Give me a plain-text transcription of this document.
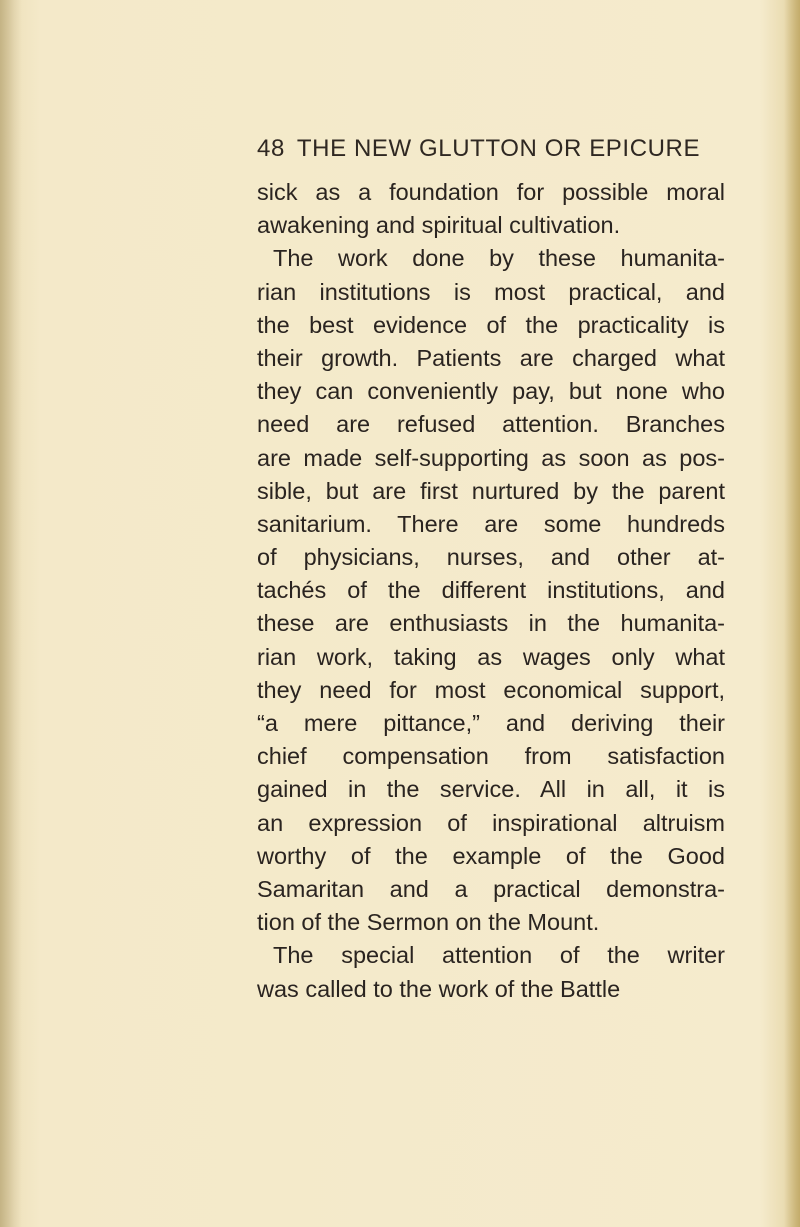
48 THE NEW GLUTTON OR EPICURE
sick as a foundation for possible moral
awakening and spiritual cultivation.
The work done by these humanita-
rian institutions is most practical, and
the best evidence of the practicality is
their growth. Patients are charged what
they can conveniently pay, but none who
need are refused attention. Branches
are made self-supporting as soon as pos-
sible, but are first nurtured by the parent
sanitarium. There are some hundreds
of physicians, nurses, and other at-
tachés of the different institutions, and
these are enthusiasts in the humanita-
rian work, taking as wages only what
they need for most economical support,
“a mere pittance,” and deriving their
chief compensation from satisfaction
gained in the service. All in all, it is
an expression of inspirational altruism
worthy of the example of the Good
Samaritan and a practical demonstra-
tion of the Sermon on the Mount.
The special attention of the writer
was called to the work of the Battle
